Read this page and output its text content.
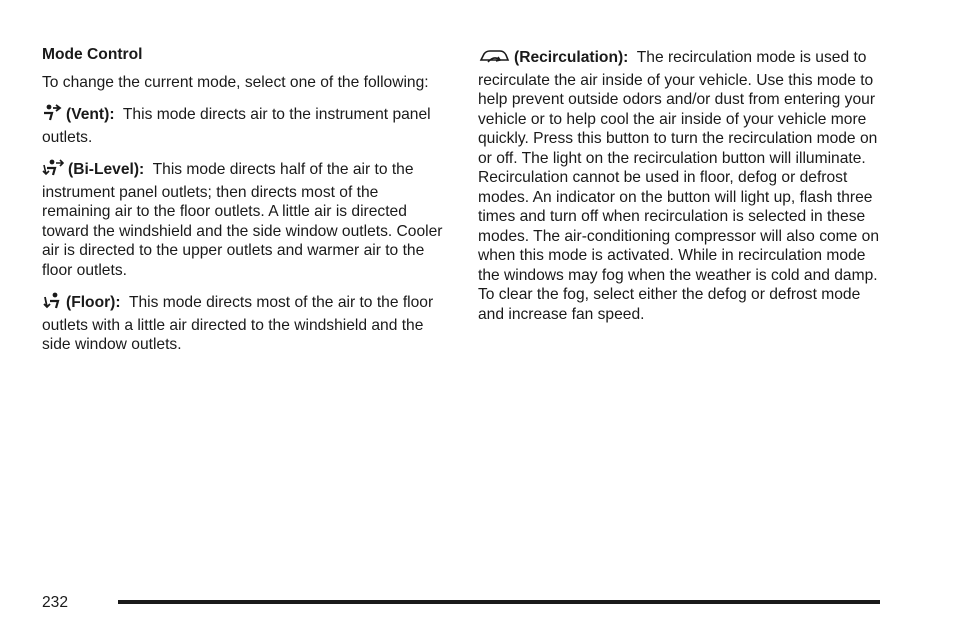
Mode Control

To change the current mode, select one of the following:

(Vent): This mode directs air to the instrument panel outlets.

(Bi-Level): This mode directs half of the air to the instrument panel outlets; then directs most of the remaining air to the floor outlets. A little air is directed toward the windshield and the side window outlets. Cooler air is directed to the upper outlets and warmer air to the floor outlets.

(Floor): This mode directs most of the air to the floor outlets with a little air directed to the windshield and the side window outlets.

(Recirculation): The recirculation mode is used to recirculate the air inside of your vehicle. Use this mode to help prevent outside odors and/or dust from entering your vehicle or to help cool the air inside of your vehicle more quickly. Press this button to turn the recirculation mode on or off. The light on the recirculation button will illuminate. Recirculation cannot be used in floor, defog or defrost modes. An indicator on the button will light up, flash three times and turn off when recirculation is selected in these modes. The air-conditioning compressor will also come on when this mode is activated. While in recirculation mode the windows may fog when the weather is cold and damp. To clear the fog, select either the defog or defrost mode and increase fan speed.

232
